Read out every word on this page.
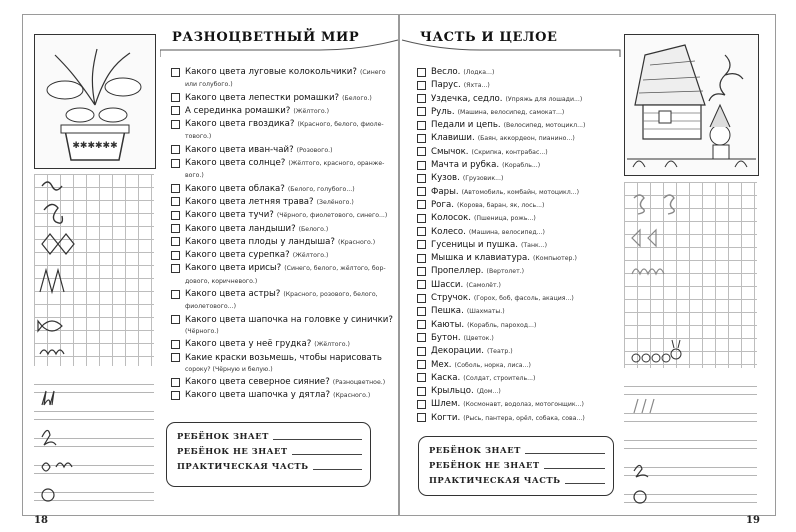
✱✱✱✱✱✱
РАЗНОЦВЕТНЫЙ МИР
Какого цвета луговые колокольчики? (Синего
или голубого.)
Какого цвета лепестки ромашки? (Белого.)
А серединка ромашки? (Жёлтого.)
Какого цвета гвоздика? (Красного, белого, фиоле-
тового.)
Какого цвета иван-чай? (Розового.)
Какого цвета солнце? (Жёлтого, красного, оранже-
вого.)
Какого цвета облака? (Белого, голубого...)
Какого цвета летняя трава? (Зелёного.)
Какого цвета тучи? (Чёрного, фиолетового, синего...)
Какого цвета ландыши? (Белого.)
Какого цвета плоды у ландыша? (Красного.)
Какого цвета сурепка? (Жёлтого.)
Какого цвета ирисы? (Синего, белого, жёлтого, бор-
дового, коричневого.)
Какого цвета астры? (Красного, розового, белого,
фиолетового...)
Какого цвета шапочка на головке у синички?
(Чёрного.)
Какого цвета у неё грудка? (Жёлтого.)
Какие краски возьмешь, чтобы нарисовать
сороку? (Чёрную и белую.)
Какого цвета северное сияние? (Разноцветное.)
Какого цвета шапочка у дятла? (Красного.)
РЕБЁНОК ЗНАЕТ
РЕБЁНОК НЕ ЗНАЕТ
ПРАКТИЧЕСКАЯ ЧАСТЬ
18
ЧАСТЬ И ЦЕЛОЕ
Весло. (Лодка...)
Парус. (Яхта...)
Уздечка, седло. (Упряжь для лошади...)
Руль. (Машина, велосипед, самокат...)
Педали и цепь. (Велосипед, мотоцикл...)
Клавиши. (Баян, аккордеон, пианино...)
Смычок. (Скрипка, контрабас...)
Мачта и рубка. (Корабль...)
Кузов. (Грузовик...)
Фары. (Автомобиль, комбайн, мотоцикл...)
Рога. (Корова, баран, як, лось...)
Колосок. (Пшеница, рожь...)
Колесо. (Машина, велосипед...)
Гусеницы и пушка. (Танк...)
Мышка и клавиатура. (Компьютер.)
Пропеллер. (Вертолет.)
Шасси. (Самолёт.)
Стручок. (Горох, боб, фасоль, акация...)
Пешка. (Шахматы.)
Каюты. (Корабль, пароход...)
Бутон. (Цветок.)
Декорации. (Театр.)
Мех. (Соболь, норка, лиса...)
Каска. (Солдат, строитель...)
Крыльцо. (Дом...)
Шлем. (Космонавт, водолаз, мотогонщик...)
Когти. (Рысь, пантера, орёл, собака, сова...)
РЕБЁНОК ЗНАЕТ
РЕБЁНОК НЕ ЗНАЕТ
ПРАКТИЧЕСКАЯ ЧАСТЬ
19
